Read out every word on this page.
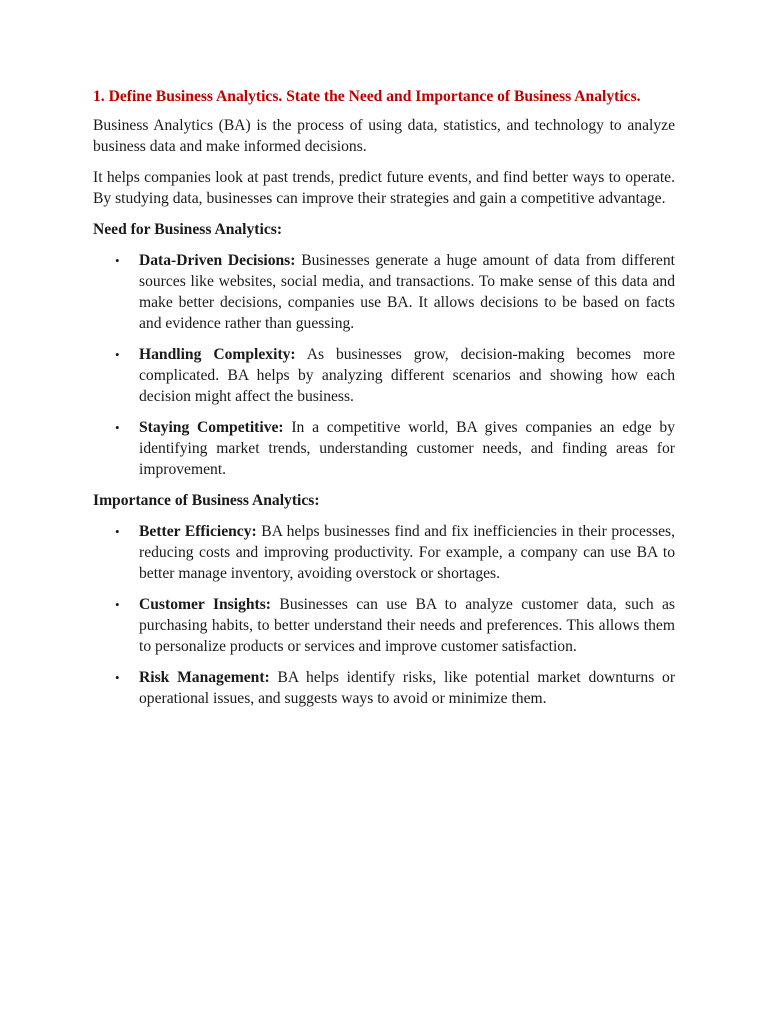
1. Define Business Analytics. State the Need and Importance of Business Analytics.

Business Analytics (BA) is the process of using data, statistics, and technology to analyze business data and make informed decisions.

It helps companies look at past trends, predict future events, and find better ways to operate. By studying data, businesses can improve their strategies and gain a competitive advantage.

Need for Business Analytics:

• Data-Driven Decisions: Businesses generate a huge amount of data from different sources like websites, social media, and transactions. To make sense of this data and make better decisions, companies use BA. It allows decisions to be based on facts and evidence rather than guessing.
• Handling Complexity: As businesses grow, decision-making becomes more complicated. BA helps by analyzing different scenarios and showing how each decision might affect the business.
• Staying Competitive: In a competitive world, BA gives companies an edge by identifying market trends, understanding customer needs, and finding areas for improvement.

Importance of Business Analytics:

• Better Efficiency: BA helps businesses find and fix inefficiencies in their processes, reducing costs and improving productivity. For example, a company can use BA to better manage inventory, avoiding overstock or shortages.
• Customer Insights: Businesses can use BA to analyze customer data, such as purchasing habits, to better understand their needs and preferences. This allows them to personalize products or services and improve customer satisfaction.
• Risk Management: BA helps identify risks, like potential market downturns or operational issues, and suggests ways to avoid or minimize them.
